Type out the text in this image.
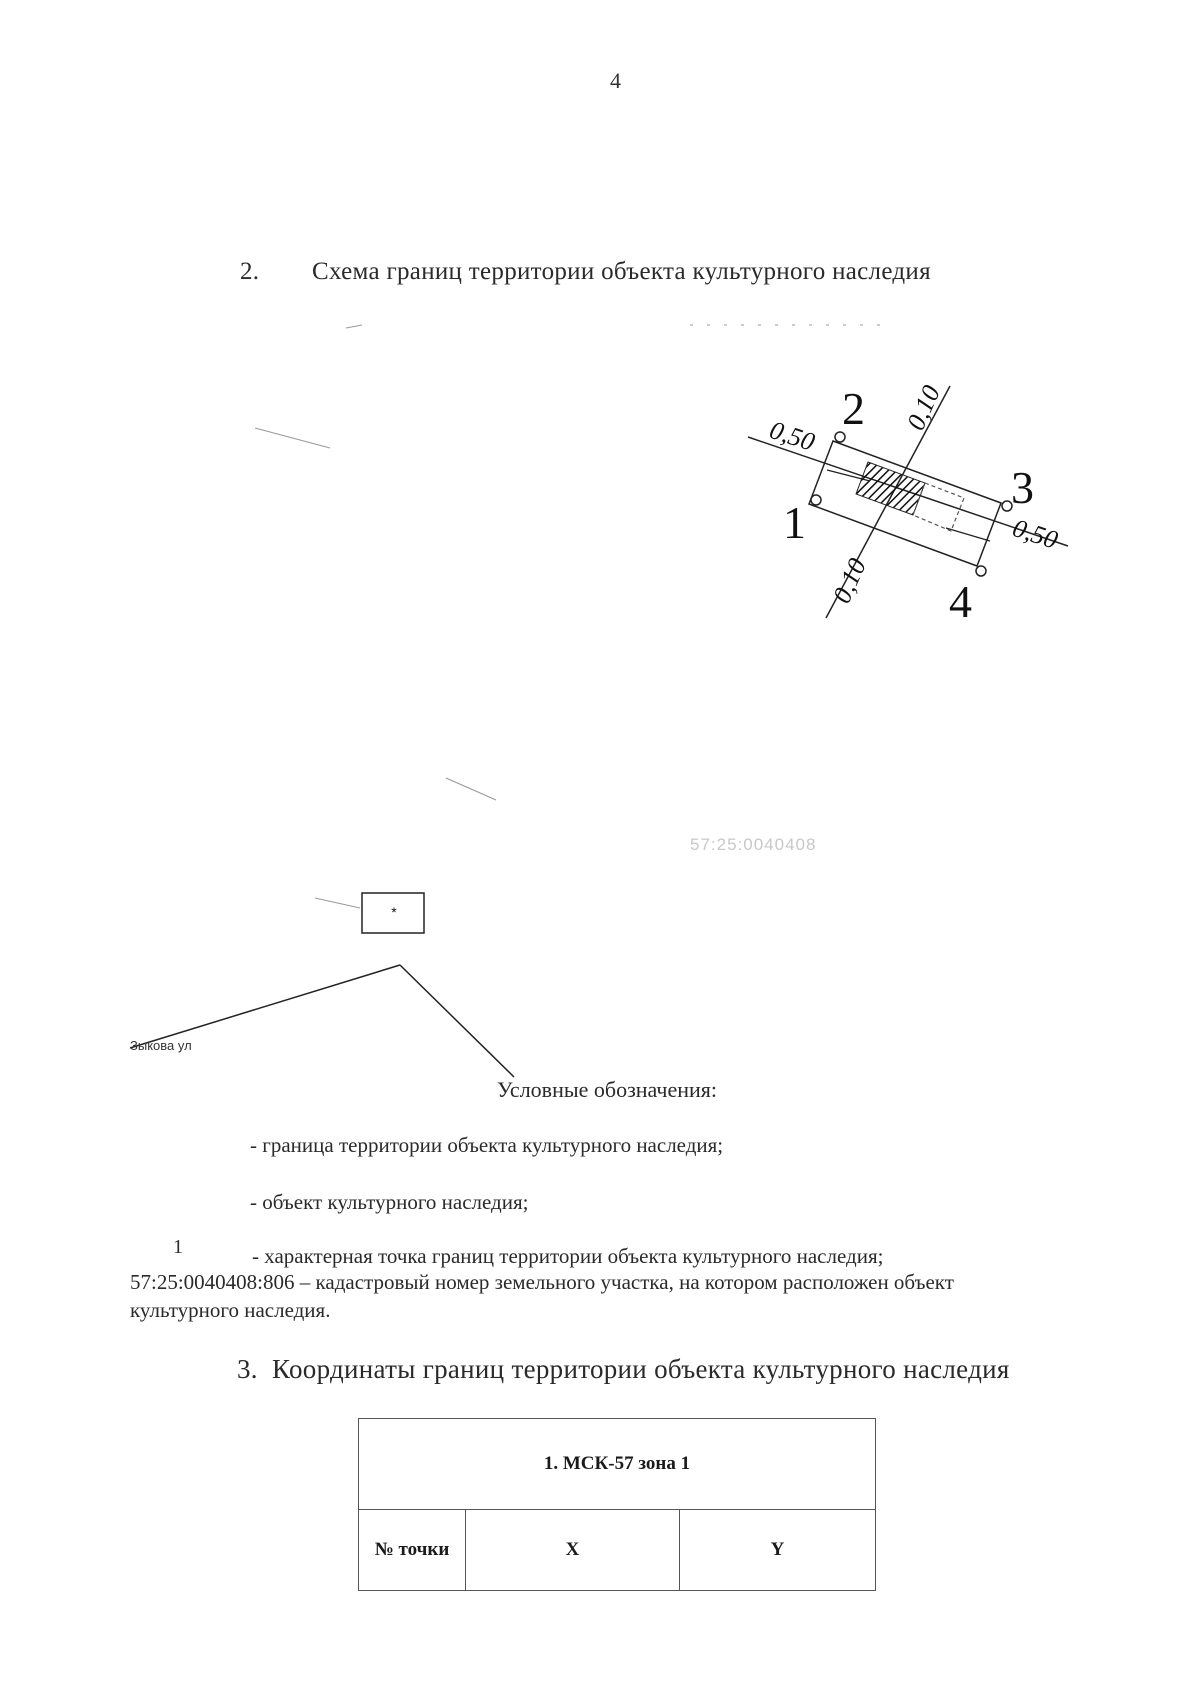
4
2. Схема границ территории объекта культурного наследия
57:25:0040408
1
2
3
4
0,50
0,10
0,50
0,10
*
Зыкова ул
Условные обозначения:
- граница территории объекта культурного наследия;
- объект культурного наследия;
1	- характерная точка границ территории объекта культурного наследия;
57:25:0040408:806 – кадастровый номер земельного участка, на котором расположен объект
культурного наследия.
3. Координаты границ территории объекта культурного наследия
1. МСК-57 зона 1
№ точки	X	Y
